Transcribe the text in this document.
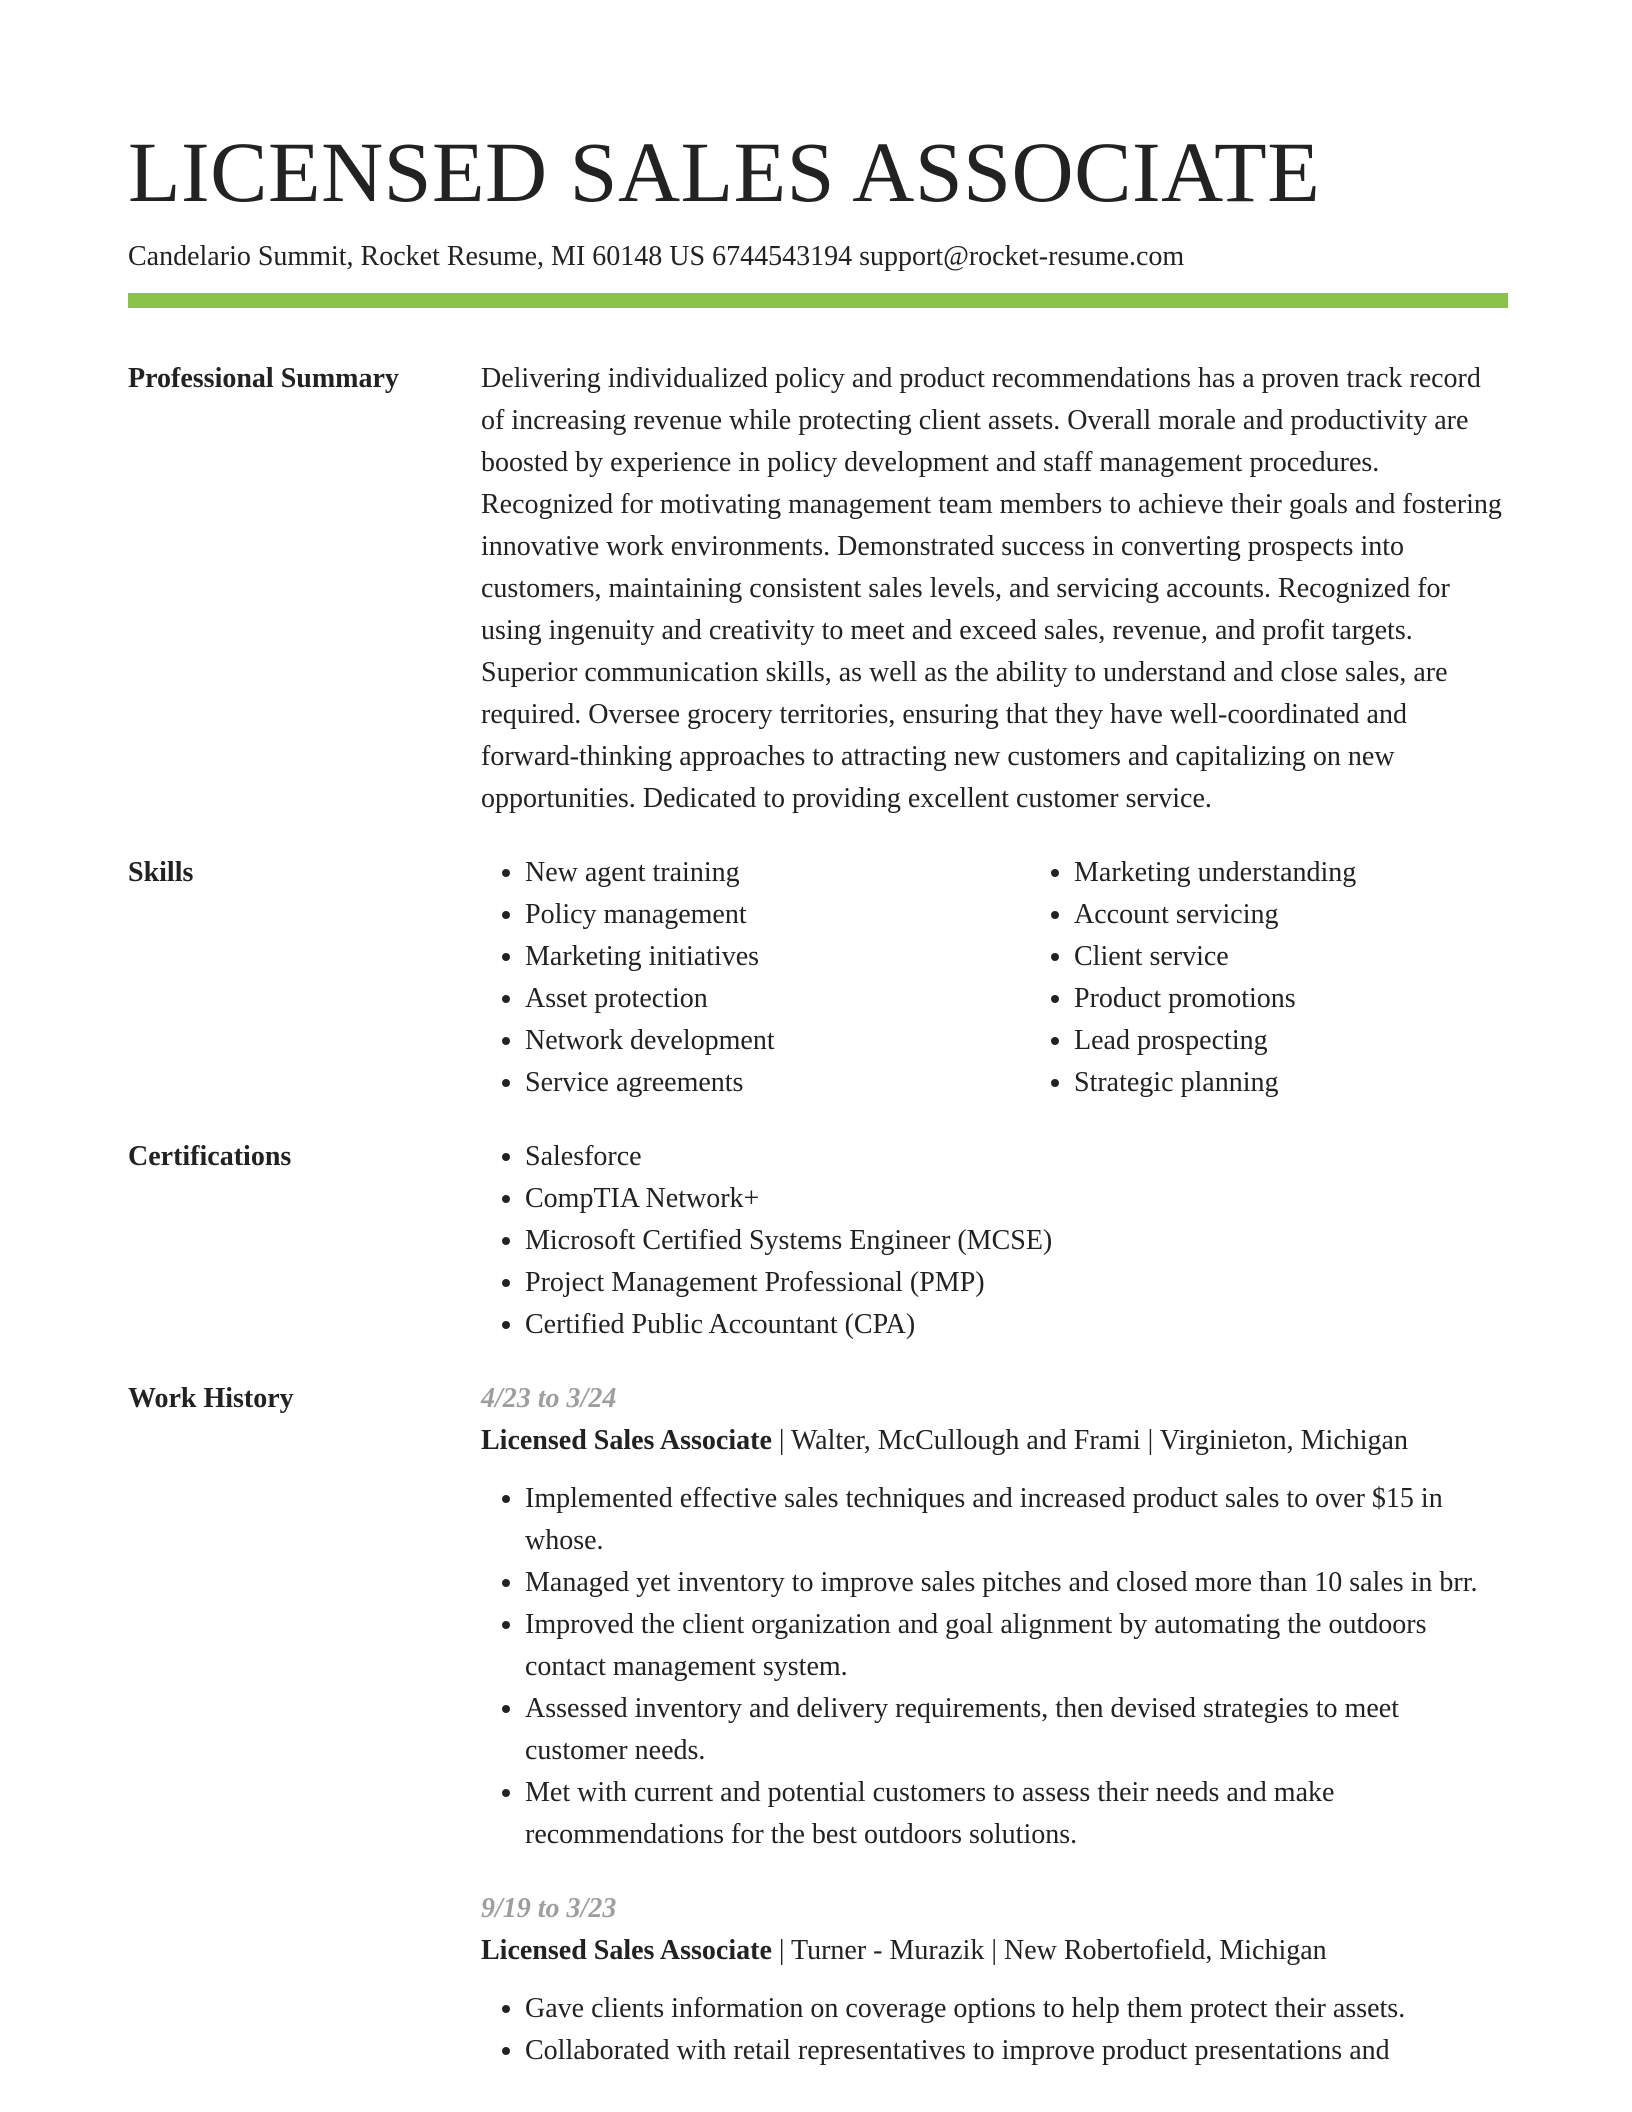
LICENSED SALES ASSOCIATE
Candelario Summit, Rocket Resume, MI 60148 US 6744543194 support@rocket-resume.com
Professional Summary	Delivering individualized policy and product recommendations has a proven track record of increasing revenue while protecting client assets. Overall morale and productivity are boosted by experience in policy development and staff management procedures. Recognized for motivating management team members to achieve their goals and fostering innovative work environments. Demonstrated success in converting prospects into customers, maintaining consistent sales levels, and servicing accounts. Recognized for using ingenuity and creativity to meet and exceed sales, revenue, and profit targets. Superior communication skills, as well as the ability to understand and close sales, are required. Oversee grocery territories, ensuring that they have well-coordinated and forward-thinking approaches to attracting new customers and capitalizing on new opportunities. Dedicated to providing excellent customer service.

Skills	• New agent training
• Policy management
• Marketing initiatives
• Asset protection
• Network development
• Service agreements
• Marketing understanding
• Account servicing
• Client service
• Product promotions
• Lead prospecting
• Strategic planning
Certifications	• Salesforce
• CompTIA Network+
• Microsoft Certified Systems Engineer (MCSE)
• Project Management Professional (PMP)
• Certified Public Accountant (CPA)
Work History	4/23 to 3/24
Licensed Sales Associate | Walter, McCullough and Frami | Virginieton, Michigan
• Implemented effective sales techniques and increased product sales to over $15 in whose.
• Managed yet inventory to improve sales pitches and closed more than 10 sales in brr.
• Improved the client organization and goal alignment by automating the outdoors contact management system.
• Assessed inventory and delivery requirements, then devised strategies to meet customer needs.
• Met with current and potential customers to assess their needs and make recommendations for the best outdoors solutions.
9/19 to 3/23
Licensed Sales Associate | Turner - Murazik | New Robertofield, Michigan
• Gave clients information on coverage options to help them protect their assets.
• Collaborated with retail representatives to improve product presentations and
